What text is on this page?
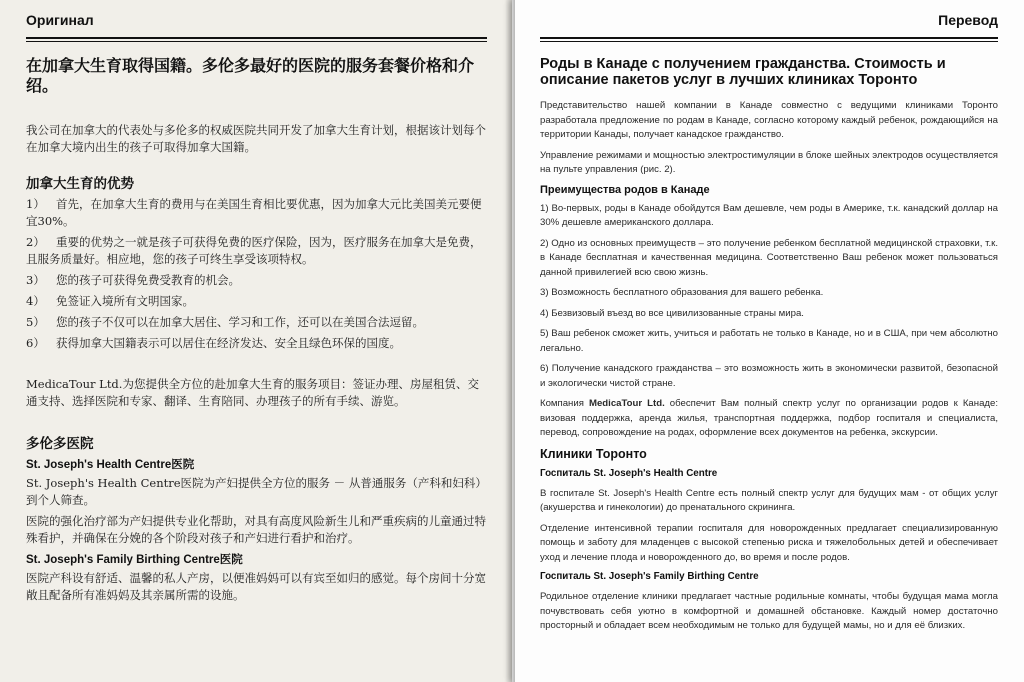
Оригинал
在加拿大生育取得国籍。多伦多最好的医院的服务套餐价格和介绍。
我公司在加拿大的代表处与多伦多的权威医院共同开发了加拿大生育计划，根据该计划每个在加拿大境内出生的孩子可取得加拿大国籍。
加拿大生育的优势
1） 首先，在加拿大生育的费用与在美国生育相比要优惠，因为加拿大元比美国美元要便宜30%。
2） 重要的优势之一就是孩子可获得免费的医疗保险，因为，医疗服务在加拿大是免费，且服务质量好。相应地，您的孩子可终生享受该项特权。
3） 您的孩子可获得免费受教育的机会。
4） 免签证入境所有文明国家。
5） 您的孩子不仅可以在加拿大居住、学习和工作，还可以在美国合法逗留。
6） 获得加拿大国籍表示可以居住在经济发达、安全且绿色环保的国度。
MedicaTour Ltd.为您提供全方位的赴加拿大生育的服务项目：签证办理、房屋租赁、交通支持、选择医院和专家、翻译、生育陪同、办理孩子的所有手续、游览。
多伦多医院
St. Joseph's Health Centre医院
St. Joseph's Health Centre医院为产妇提供全方位的服务 － 从普通服务（产科和妇科）到个人筛查。
医院的强化治疗部为产妇提供专业化帮助，对具有高度风险新生儿和严重疾病的儿童通过特殊看护，并确保在分娩的各个阶段对孩子和产妇进行看护和治疗。
St. Joseph's Family Birthing Centre医院
医院产科设有舒适、温馨的私人产房，以便准妈妈可以有宾至如归的感觉。每个房间十分宽敞且配备所有准妈妈及其亲属所需的设施。
Перевод
Роды в Канаде с получением гражданства. Стоимость и описание пакетов услуг в лучших клиниках Торонто
Представительство нашей компании в Канаде совместно с ведущими клиниками Торонто разработала предложение по родам в Канаде, согласно которому каждый ребенок, рождающийся на территории Канады, получает канадское гражданство.
Управление режимами и мощностью электростимуляции в блоке шейных электродов осуществляется на пульте управления (рис. 2).
Преимущества родов в Канаде
1) Во-первых, роды в Канаде обойдутся Вам дешевле, чем роды в Америке, т.к. канадский доллар на 30% дешевле американского доллара.
2) Одно из основных преимуществ – это получение ребенком бесплатной медицинской страховки, т.к. в Канаде бесплатная и качественная медицина. Соответственно Ваш ребенок может пользоваться данной привилегией всю свою жизнь.
3) Возможность бесплатного образования для вашего ребенка.
4) Безвизовый въезд во все цивилизованные страны мира.
5) Ваш ребенок сможет жить, учиться и работать не только в Канаде, но и в США, при чем абсолютно легально.
6) Получение канадского гражданства – это возможность жить в экономически развитой, безопасной и экологически чистой стране.
Компания MedicaTour Ltd. обеспечит Вам полный спектр услуг по организации родов к Канаде: визовая поддержка, аренда жилья, транспортная поддержка, подбор госпиталя и специалиста, перевод, сопровождение на родах, оформление всех документов на ребенка, экскурсии.
Клиники Торонто
Госпиталь St. Joseph's Health Centre
В госпитале St. Joseph's Health Centre есть полный спектр услуг для будущих мам - от общих услуг (акушерства и гинекологии) до пренатального скрининга.
Отделение интенсивной терапии госпиталя для новорожденных предлагает специализированную помощь и заботу для младенцев с высокой степенью риска и тяжелобольных детей и обеспечивает уход и лечение плода и новорожденного до, во время и после родов.
Госпиталь St. Joseph's Family Birthing Centre
Родильное отделение клиники предлагает частные родильные комнаты, чтобы будущая мама могла почувствовать себя уютно в комфортной и домашней обстановке. Каждый номер достаточно просторный и обладает всем необходимым не только для будущей мамы, но и для её близких.
